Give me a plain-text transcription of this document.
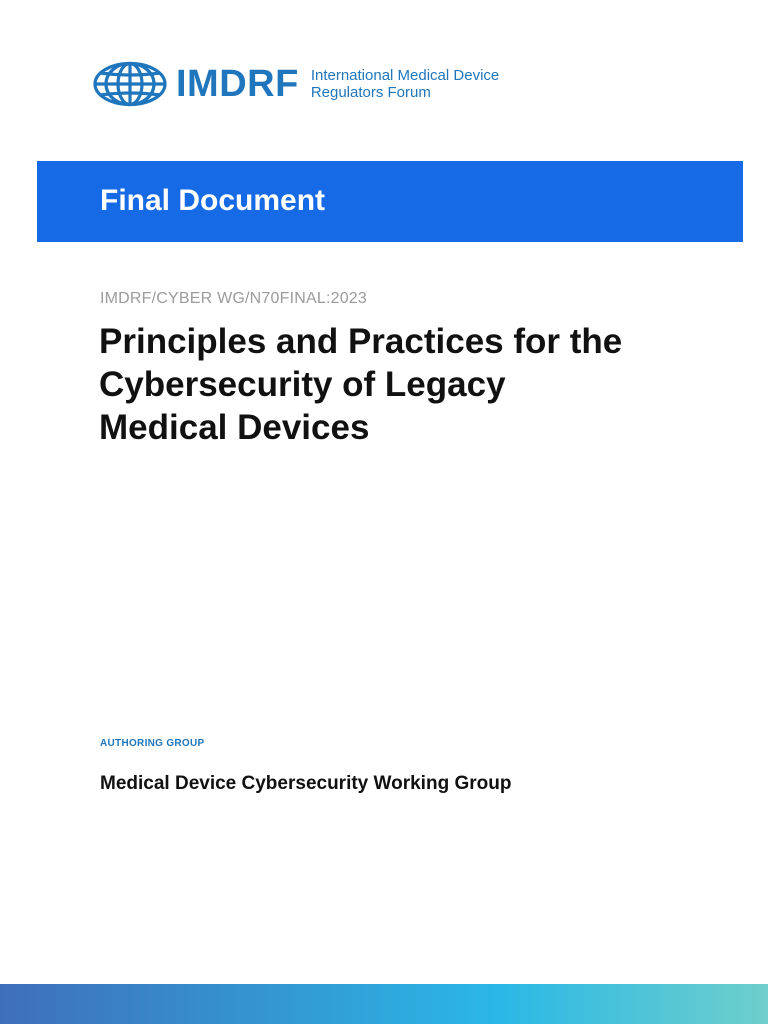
IMDRF International Medical Device
Regulators Forum
Final Document
IMDRF/CYBER WG/N70FINAL:2023
Principles and Practices for the
Cybersecurity of Legacy
Medical Devices
AUTHORING GROUP
Medical Device Cybersecurity Working Group
